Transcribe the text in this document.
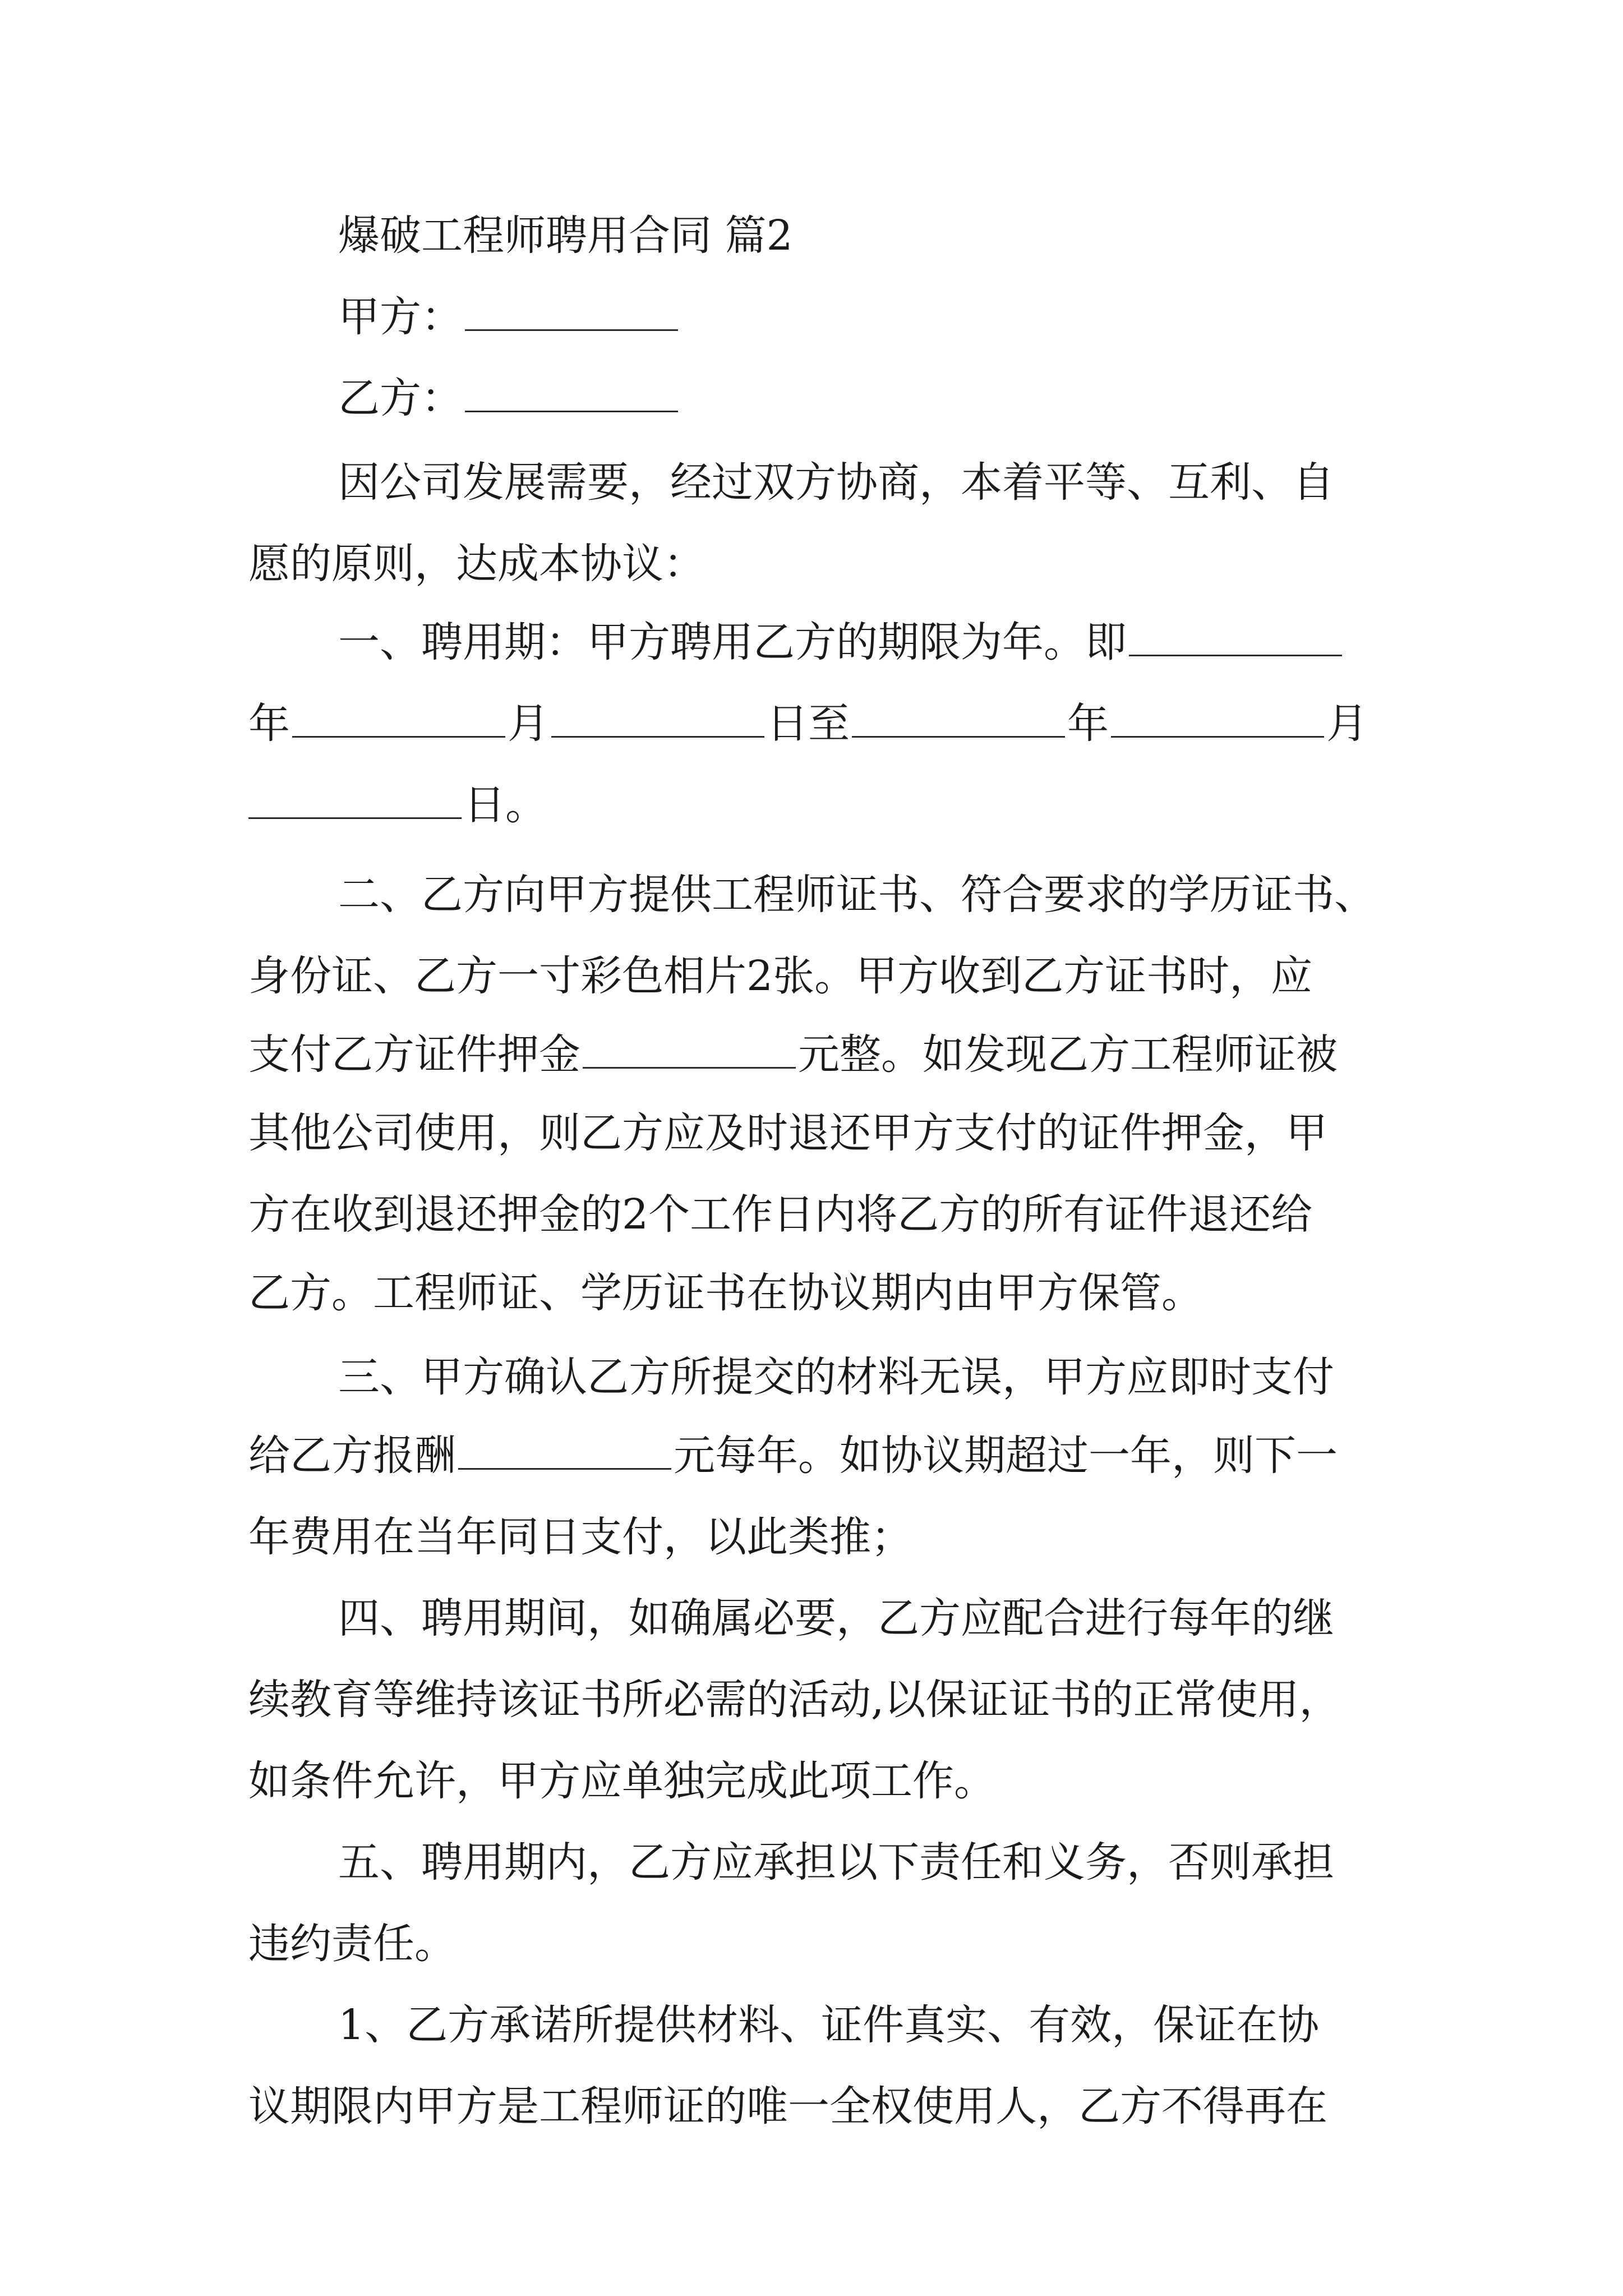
爆破工程师聘用合同 篇2
甲方：
乙方：
因公司发展需要，经过双方协商，本着平等、互利、自
愿的原则，达成本协议：
一、聘用期：甲方聘用乙方的期限为年。即
年	月	日至	年	月
日。
二、乙方向甲方提供工程师证书、符合要求的学历证书、
身份证、乙方一寸彩色相片2张。甲方收到乙方证书时，应
支付乙方证件押金	元整。如发现乙方工程师证被
其他公司使用，则乙方应及时退还甲方支付的证件押金，甲
方在收到退还押金的2个工作日内将乙方的所有证件退还给
乙方。工程师证、学历证书在协议期内由甲方保管。
三、甲方确认乙方所提交的材料无误，甲方应即时支付
给乙方报酬	元每年。如协议期超过一年，则下一
年费用在当年同日支付，以此类推；
四、聘用期间，如确属必要，乙方应配合进行每年的继
续教育等维持该证书所必需的活动,以保证证书的正常使用，
如条件允许，甲方应单独完成此项工作。
五、聘用期内，乙方应承担以下责任和义务，否则承担
违约责任。
1、乙方承诺所提供材料、证件真实、有效，保证在协
议期限内甲方是工程师证的唯一全权使用人，乙方不得再在
